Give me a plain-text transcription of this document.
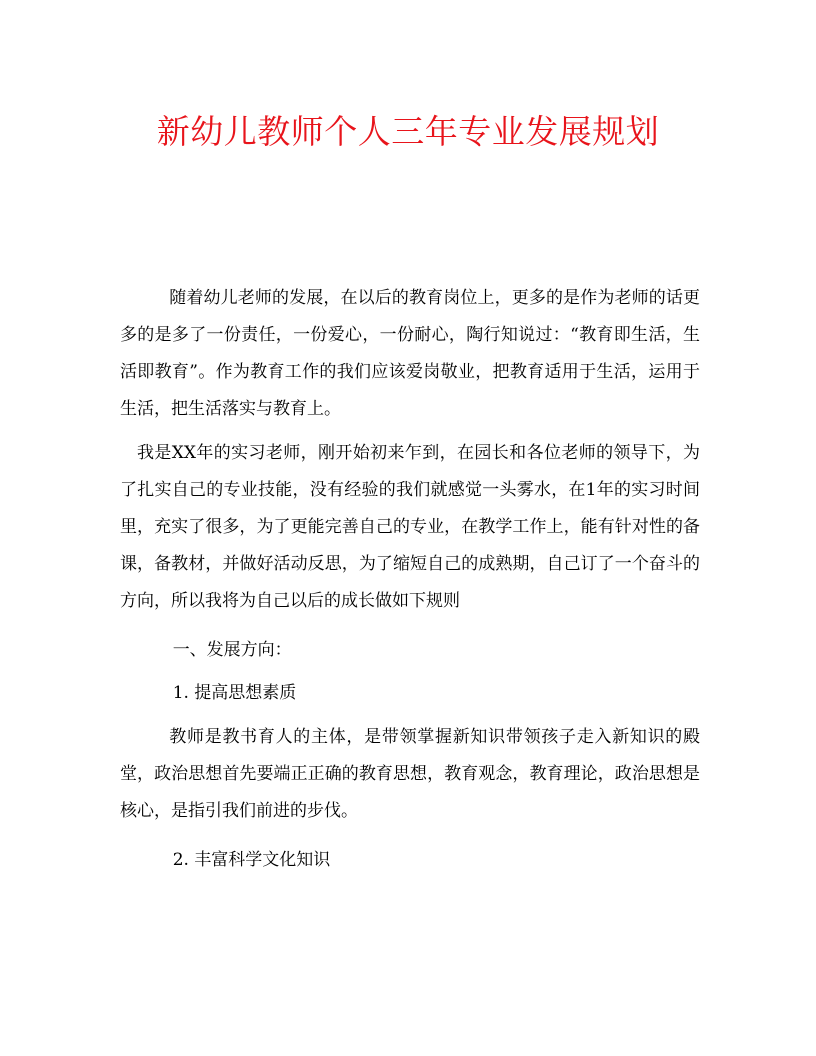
新幼儿教师个人三年专业发展规划

随着幼儿老师的发展，在以后的教育岗位上，更多的是作为老师的话更多的是多了一份责任，一份爱心，一份耐心，陶行知说过：“教育即生活，生活即教育”。作为教育工作的我们应该爱岗敬业，把教育适用于生活，运用于生活，把生活落实与教育上。

我是XX年的实习老师，刚开始初来乍到，在园长和各位老师的领导下，为了扎实自己的专业技能，没有经验的我们就感觉一头雾水，在1年的实习时间里，充实了很多，为了更能完善自己的专业，在教学工作上，能有针对性的备课，备教材，并做好活动反思，为了缩短自己的成熟期，自己订了一个奋斗的方向，所以我将为自己以后的成长做如下规则

一、发展方向：

1. 提高思想素质

教师是教书育人的主体，是带领掌握新知识带领孩子走入新知识的殿堂，政治思想首先要端正正确的教育思想，教育观念，教育理论，政治思想是核心，是指引我们前进的步伐。

2. 丰富科学文化知识
